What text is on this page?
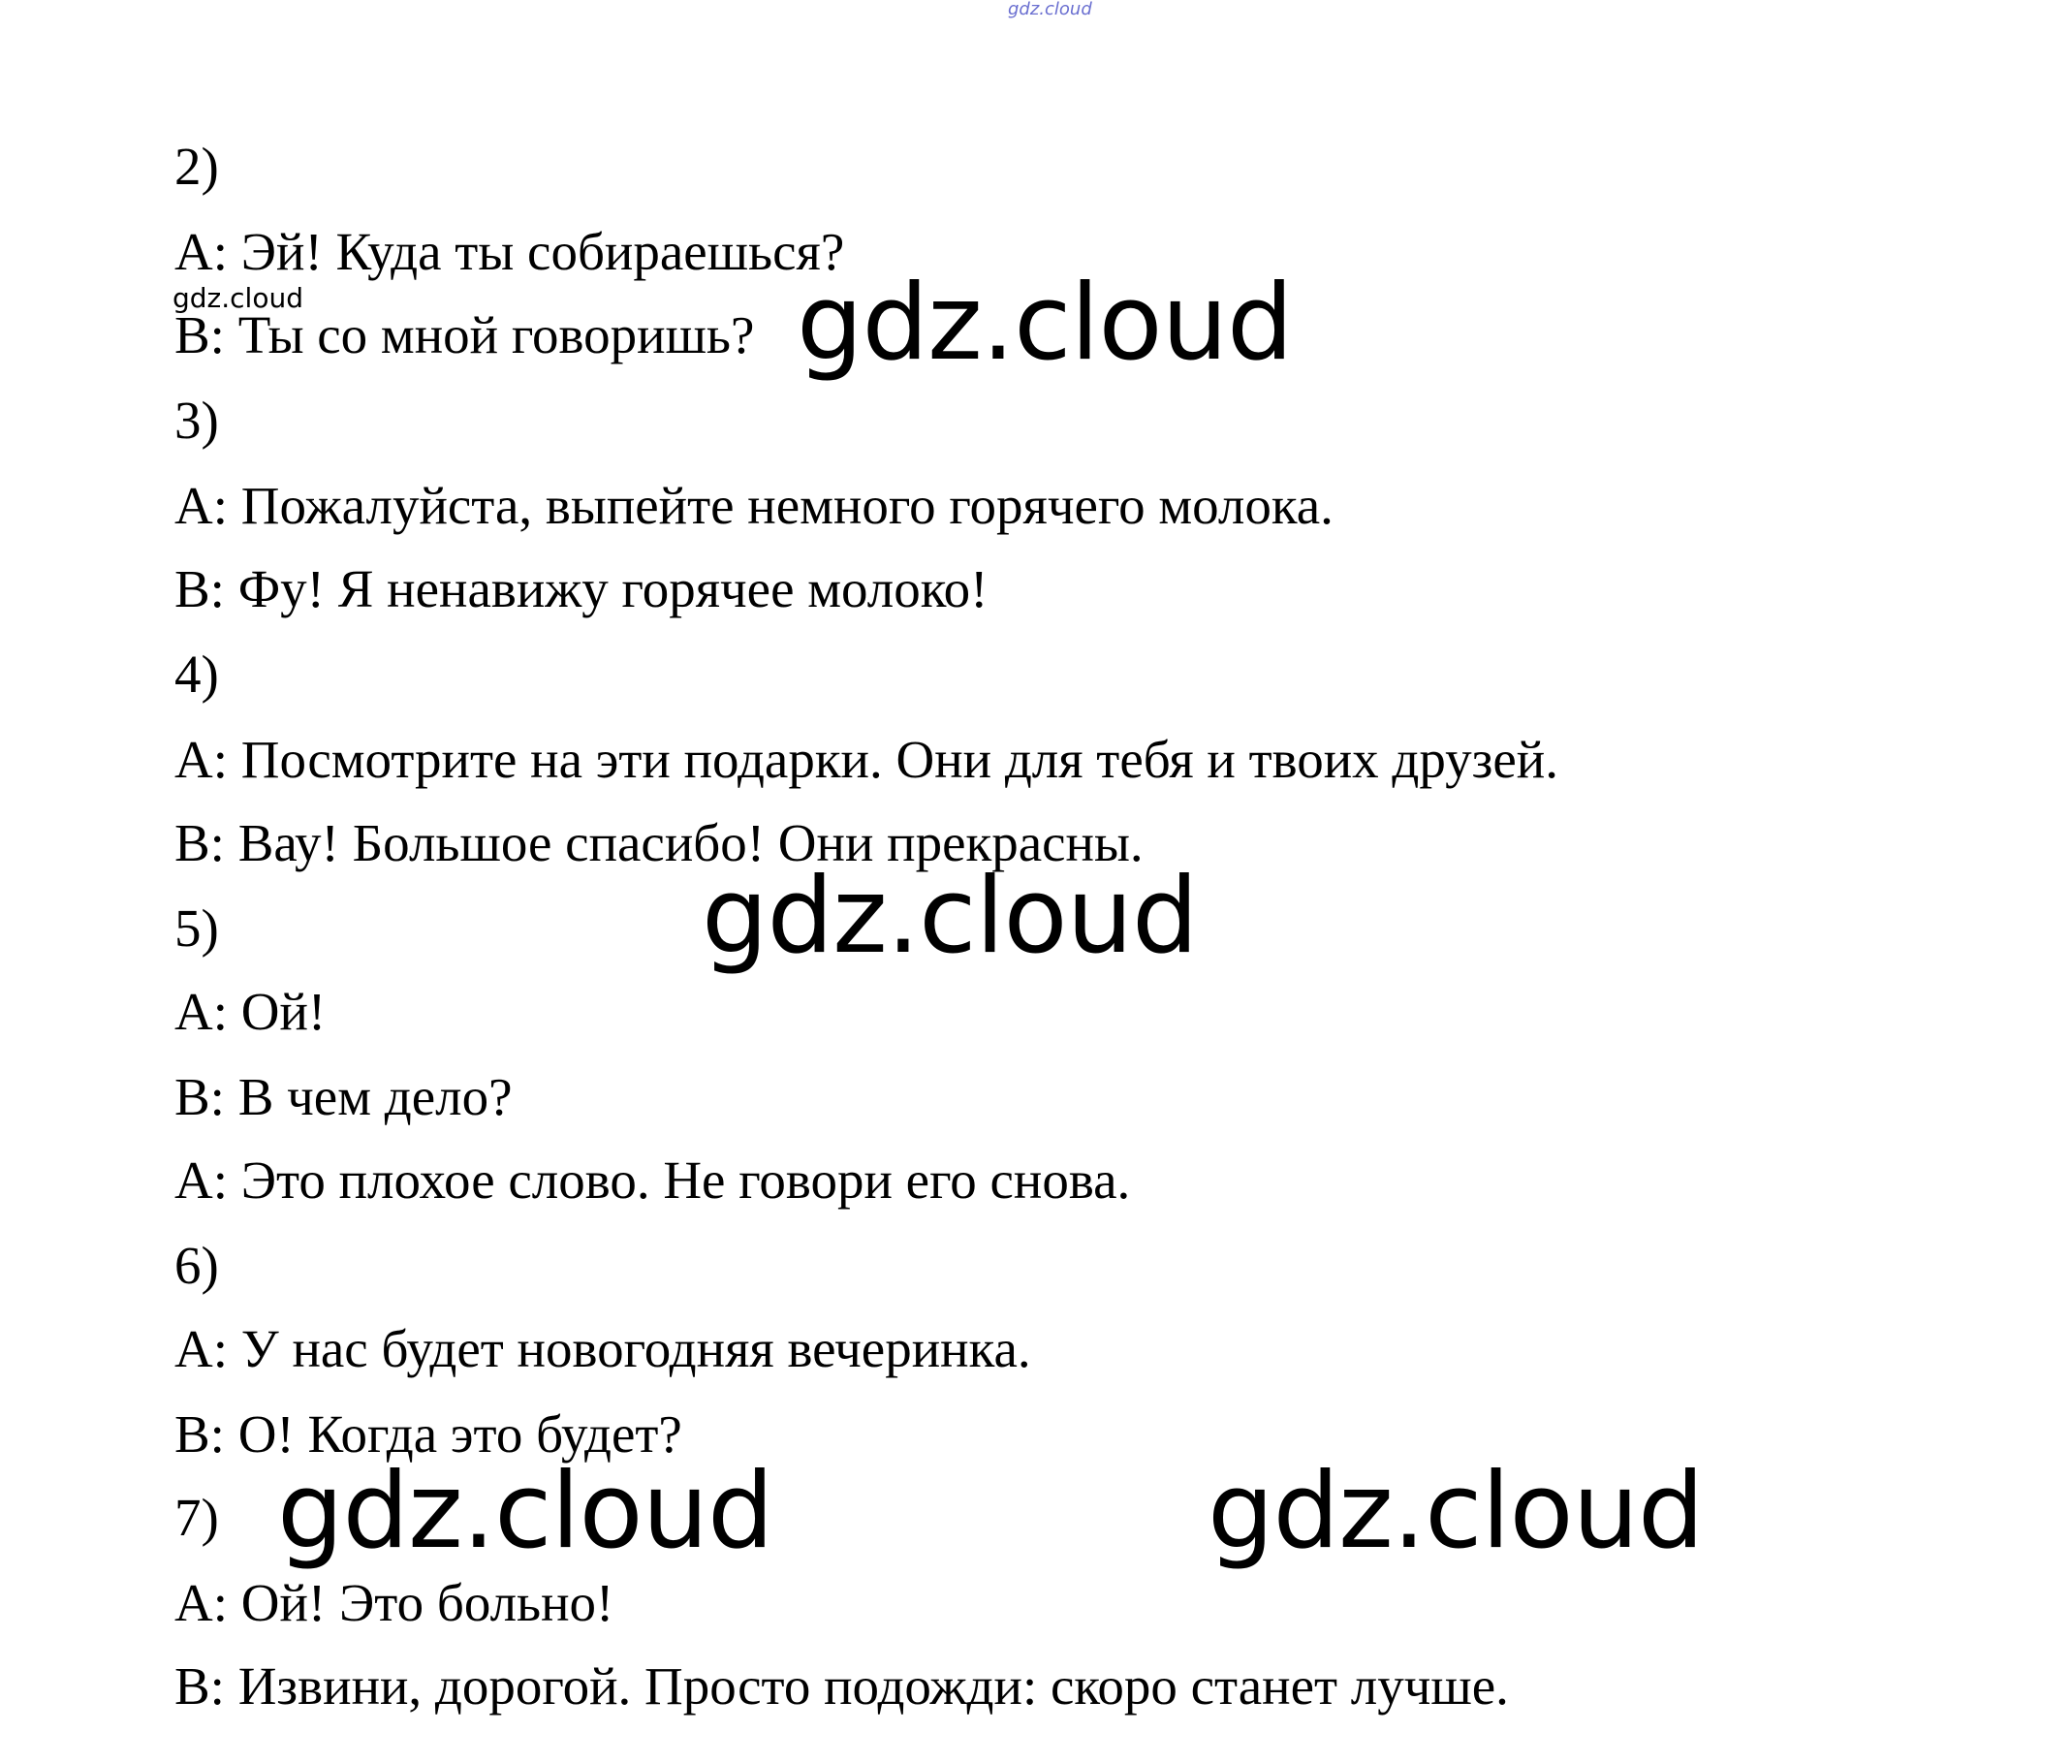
gdz.cloud
2)
A: Эй! Куда ты собираешься?
gdz.cloud
B: Ты со мной говоришь? gdz.cloud
3)
A: Пожалуйста, выпейте немного горячего молока.
B: Фу! Я ненавижу горячее молоко!
4)
A: Посмотрите на эти подарки. Они для тебя и твоих друзей.
B: Вау! Большое спасибо! Они прекрасны.
5)	gdz.cloud
A: Ой!
B: В чем дело?
A: Это плохое слово. Не говори его снова.
6)
A: У нас будет новогодняя вечеринка.
B: О! Когда это будет?
7) gdz.cloud	gdz.cloud
A: Ой! Это больно!
B: Извини, дорогой. Просто подожди: скоро станет лучше.
